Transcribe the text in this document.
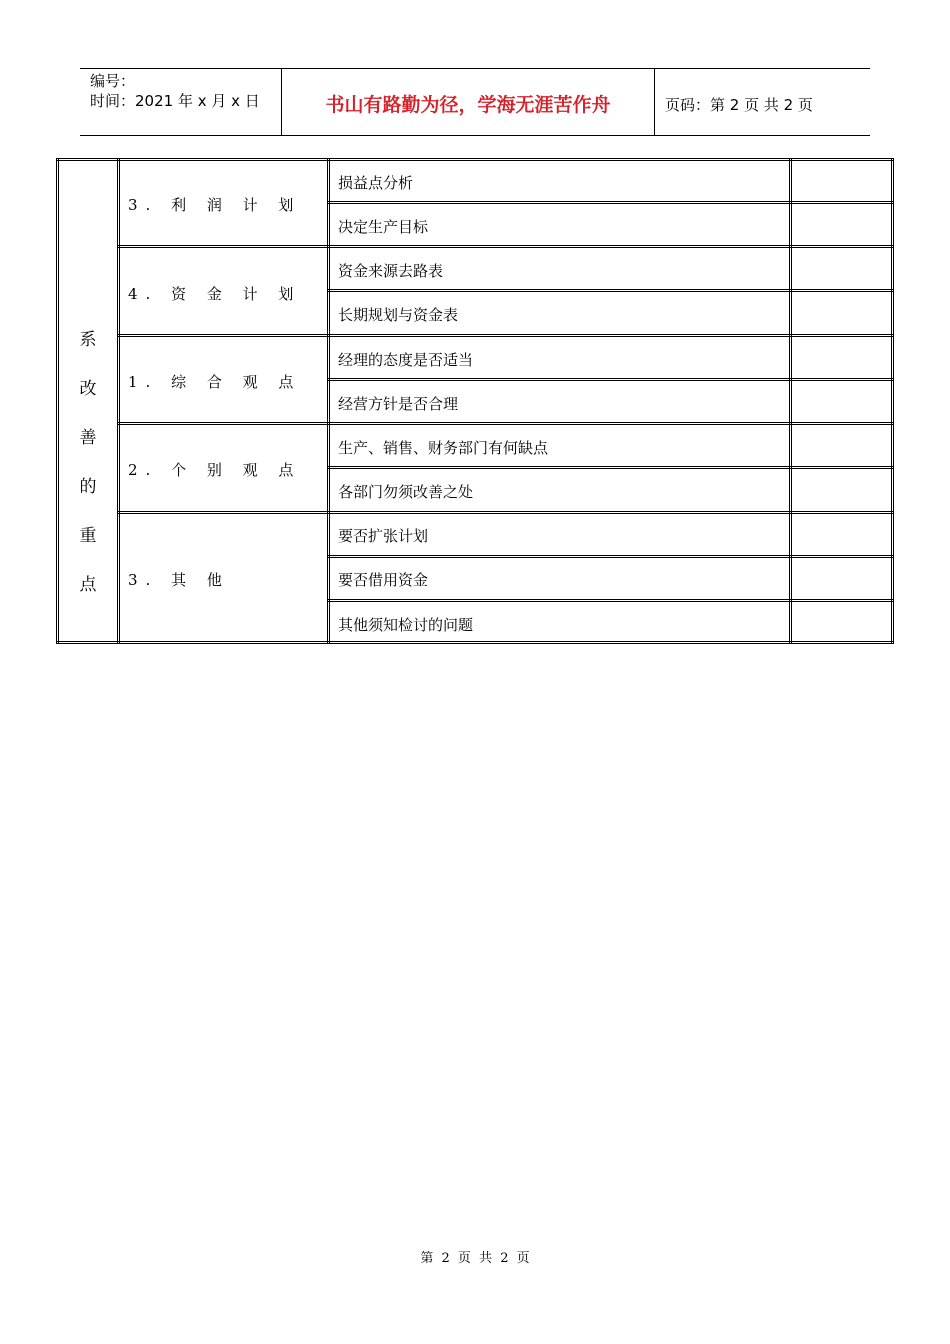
编号：
时间：2021 年 x 月 x 日	书山有路勤为径，学海无涯苦作舟	页码：第 2 页 共 2 页
系
改
善
的
重
点
3. 利 润 计 划
4. 资 金 计 划
1. 综 合 观 点
2. 个 别 观 点
3. 其 他
损益点分析
决定生产目标
资金来源去路表
长期规划与资金表
经理的态度是否适当
经营方针是否合理
生产、销售、财务部门有何缺点
各部门勿须改善之处
要否扩张计划
要否借用资金
其他须知检讨的问题
第 2 页 共 2 页
